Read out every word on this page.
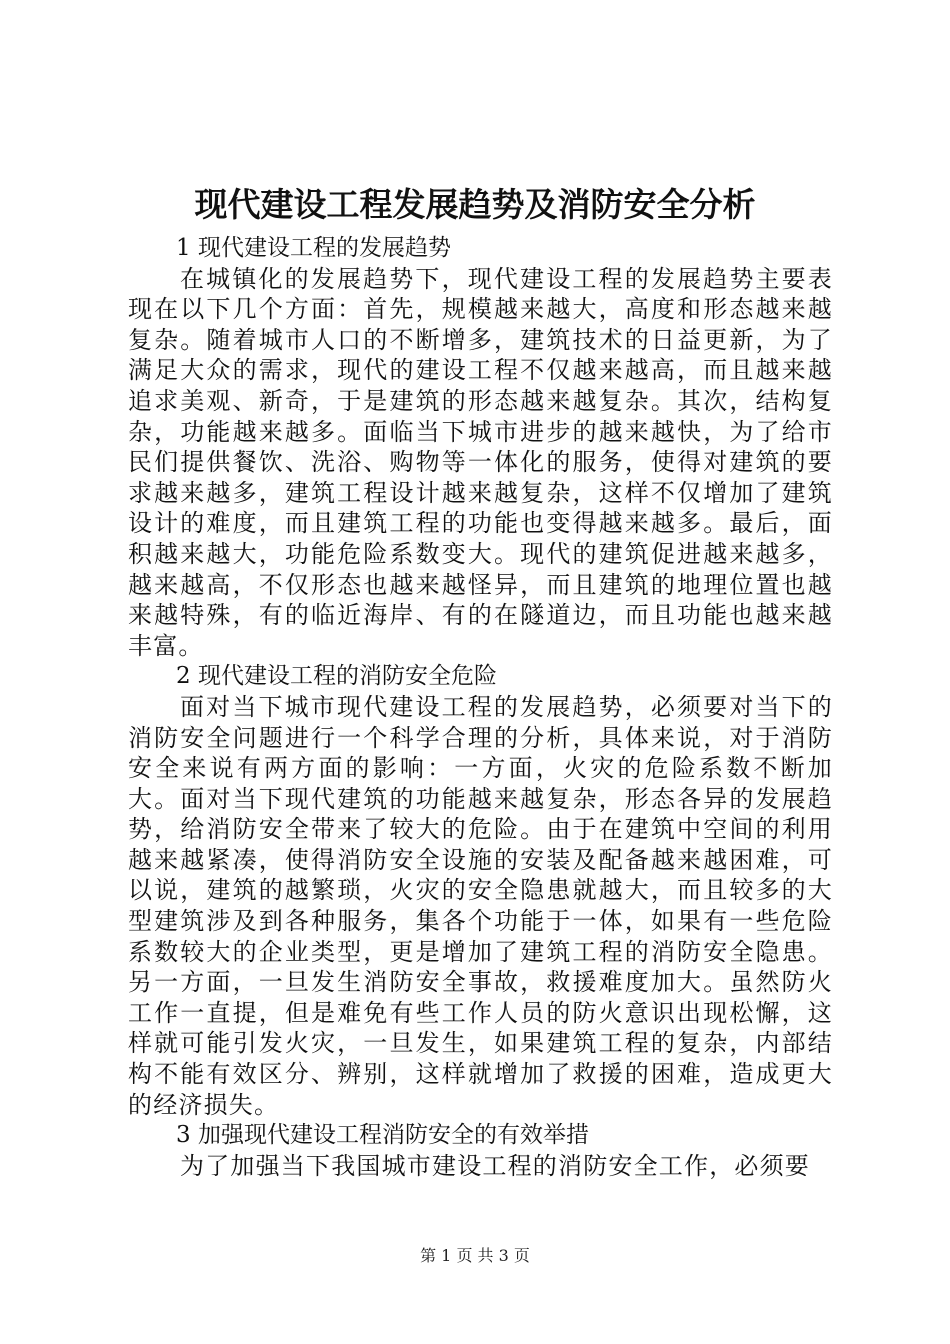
现代建设工程发展趋势及消防安全分析

1 现代建设工程的发展趋势

在城镇化的发展趋势下，现代建设工程的发展趋势主要表现在以下几个方面：首先，规模越来越大，高度和形态越来越复杂。随着城市人口的不断增多，建筑技术的日益更新，为了满足大众的需求，现代的建设工程不仅越来越高，而且越来越追求美观、新奇，于是建筑的形态越来越复杂。其次，结构复杂，功能越来越多。面临当下城市进步的越来越快，为了给市民们提供餐饮、洗浴、购物等一体化的服务，使得对建筑的要求越来越多，建筑工程设计越来越复杂，这样不仅增加了建筑设计的难度，而且建筑工程的功能也变得越来越多。最后，面积越来越大，功能危险系数变大。现代的建筑促进越来越多，越来越高，不仅形态也越来越怪异，而且建筑的地理位置也越来越特殊，有的临近海岸、有的在隧道边，而且功能也越来越丰富。

2 现代建设工程的消防安全危险

面对当下城市现代建设工程的发展趋势，必须要对当下的消防安全问题进行一个科学合理的分析，具体来说，对于消防安全来说有两方面的影响：一方面，火灾的危险系数不断加大。面对当下现代建筑的功能越来越复杂，形态各异的发展趋势，给消防安全带来了较大的危险。由于在建筑中空间的利用越来越紧凑，使得消防安全设施的安装及配备越来越困难，可以说，建筑的越繁琐，火灾的安全隐患就越大，而且较多的大型建筑涉及到各种服务，集各个功能于一体，如果有一些危险系数较大的企业类型，更是增加了建筑工程的消防安全隐患。另一方面，一旦发生消防安全事故，救援难度加大。虽然防火工作一直提，但是难免有些工作人员的防火意识出现松懈，这样就可能引发火灾，一旦发生，如果建筑工程的复杂，内部结构不能有效区分、辨别，这样就增加了救援的困难，造成更大的经济损失。

3 加强现代建设工程消防安全的有效举措

为了加强当下我国城市建设工程的消防安全工作，必须要

第 1 页 共 3 页
